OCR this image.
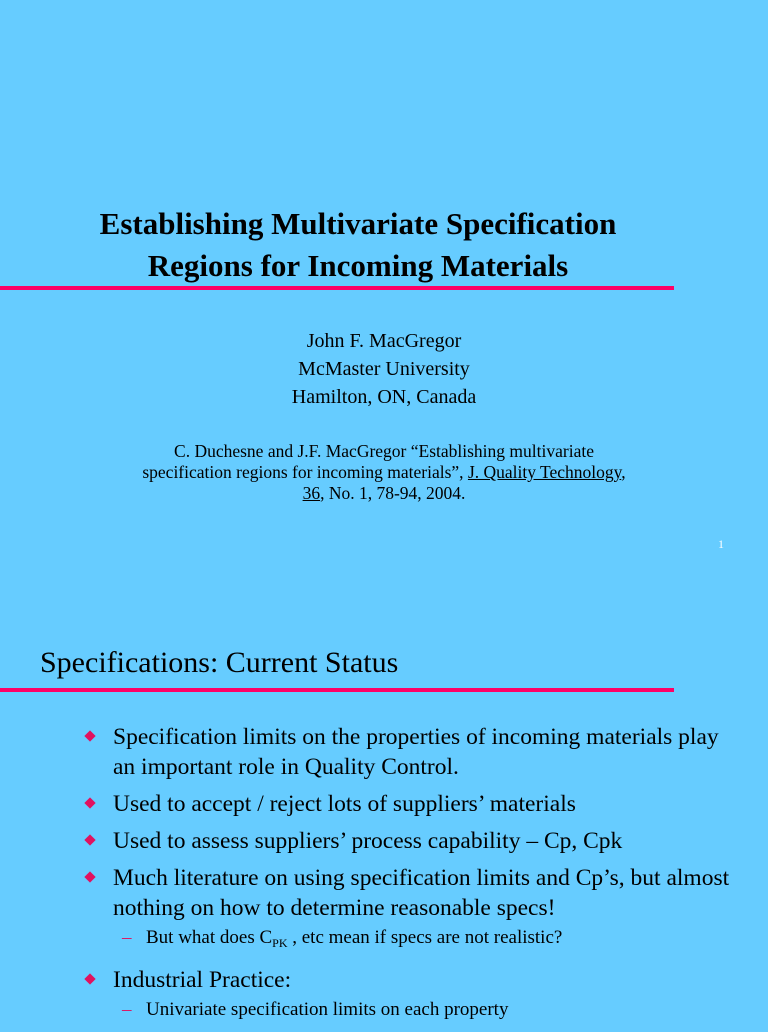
Establishing Multivariate Specification
Regions for Incoming Materials
John F. MacGregor
McMaster University
Hamilton, ON, Canada
C. Duchesne and J.F. MacGregor “Establishing multivariate specification regions for incoming materials”, J. Quality Technology, 36, No. 1, 78-94, 2004.
1
Specifications: Current Status
Specification limits on the properties of incoming materials play an important role in Quality Control.
Used to accept / reject lots of suppliers’ materials
Used to assess suppliers’ process capability – Cp, Cpk
Much literature on using specification limits and Cp’s, but almost nothing on how to determine reasonable specs!
– But what does $C_{PK}$ , etc mean if specs are not realistic?
Industrial Practice:
– Univariate specification limits on each property
